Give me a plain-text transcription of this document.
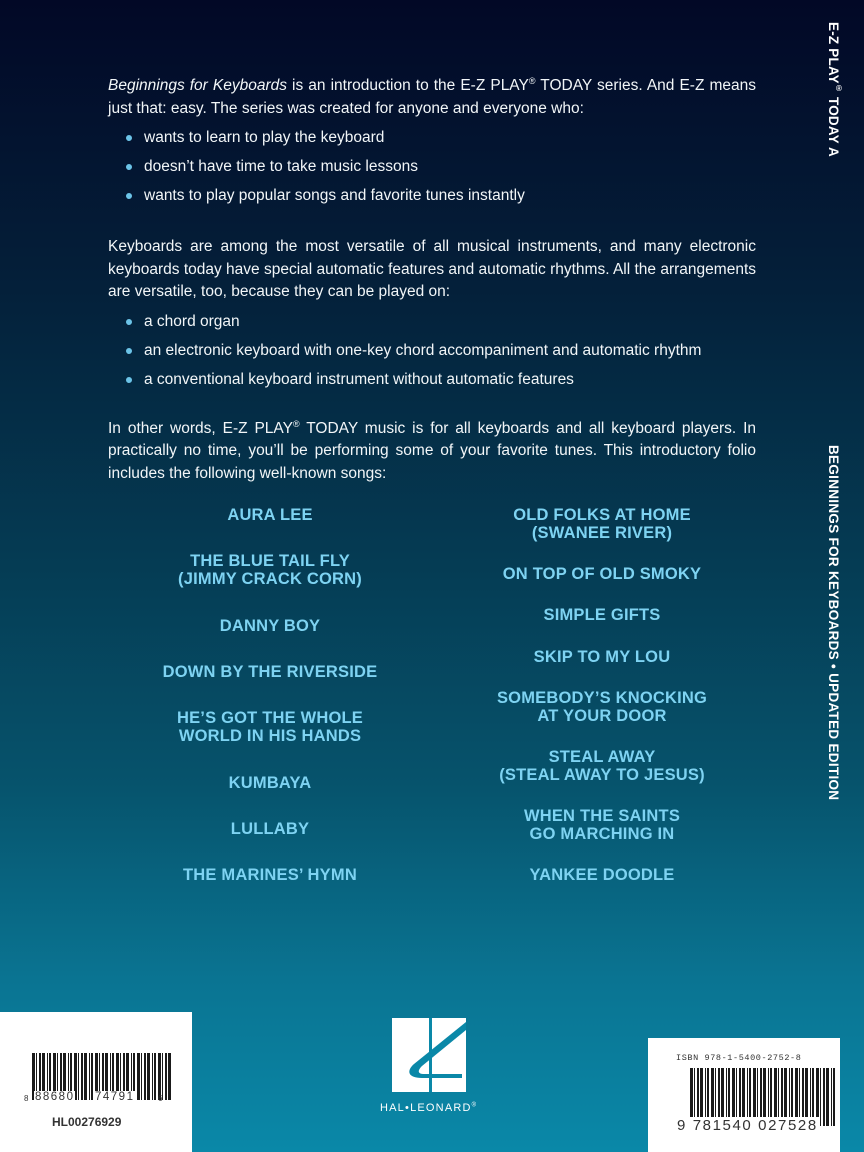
E-Z PLAY® TODAY A
BEGINNINGS FOR KEYBOARDS • UPDATED EDITION

Beginnings for Keyboards is an introduction to the E-Z PLAY® TODAY series. And E-Z means just that: easy. The series was created for anyone and everyone who:

wants to learn to play the keyboard
doesn’t have time to take music lessons
wants to play popular songs and favorite tunes instantly

Keyboards are among the most versatile of all musical instruments, and many electronic keyboards today have special automatic features and automatic rhythms. All the arrangements are versatile, too, because they can be played on:

a chord organ
an electronic keyboard with one-key chord accompaniment and automatic rhythm
a conventional keyboard instrument without automatic features

In other words, E-Z PLAY® TODAY music is for all keyboards and all keyboard players. In practically no time, you’ll be performing some of your favorite tunes. This introductory folio includes the following well-known songs:

AURA LEE
THE BLUE TAIL FLY
(JIMMY CRACK CORN)
DANNY BOY
DOWN BY THE RIVERSIDE
HE’S GOT THE WHOLE
WORLD IN HIS HANDS
KUMBAYA
LULLABY
THE MARINES’ HYMN
OLD FOLKS AT HOME
(SWANEE RIVER)
ON TOP OF OLD SMOKY
SIMPLE GIFTS
SKIP TO MY LOU
SOMEBODY’S KNOCKING
AT YOUR DOOR
STEAL AWAY
(STEAL AWAY TO JESUS)
WHEN THE SAINTS
GO MARCHING IN
YANKEE DOODLE
8 88680 74791	6
HL00276929
ISBN 978-1-5400-2752-8
9 781540 027528
HAL•LEONARD®
